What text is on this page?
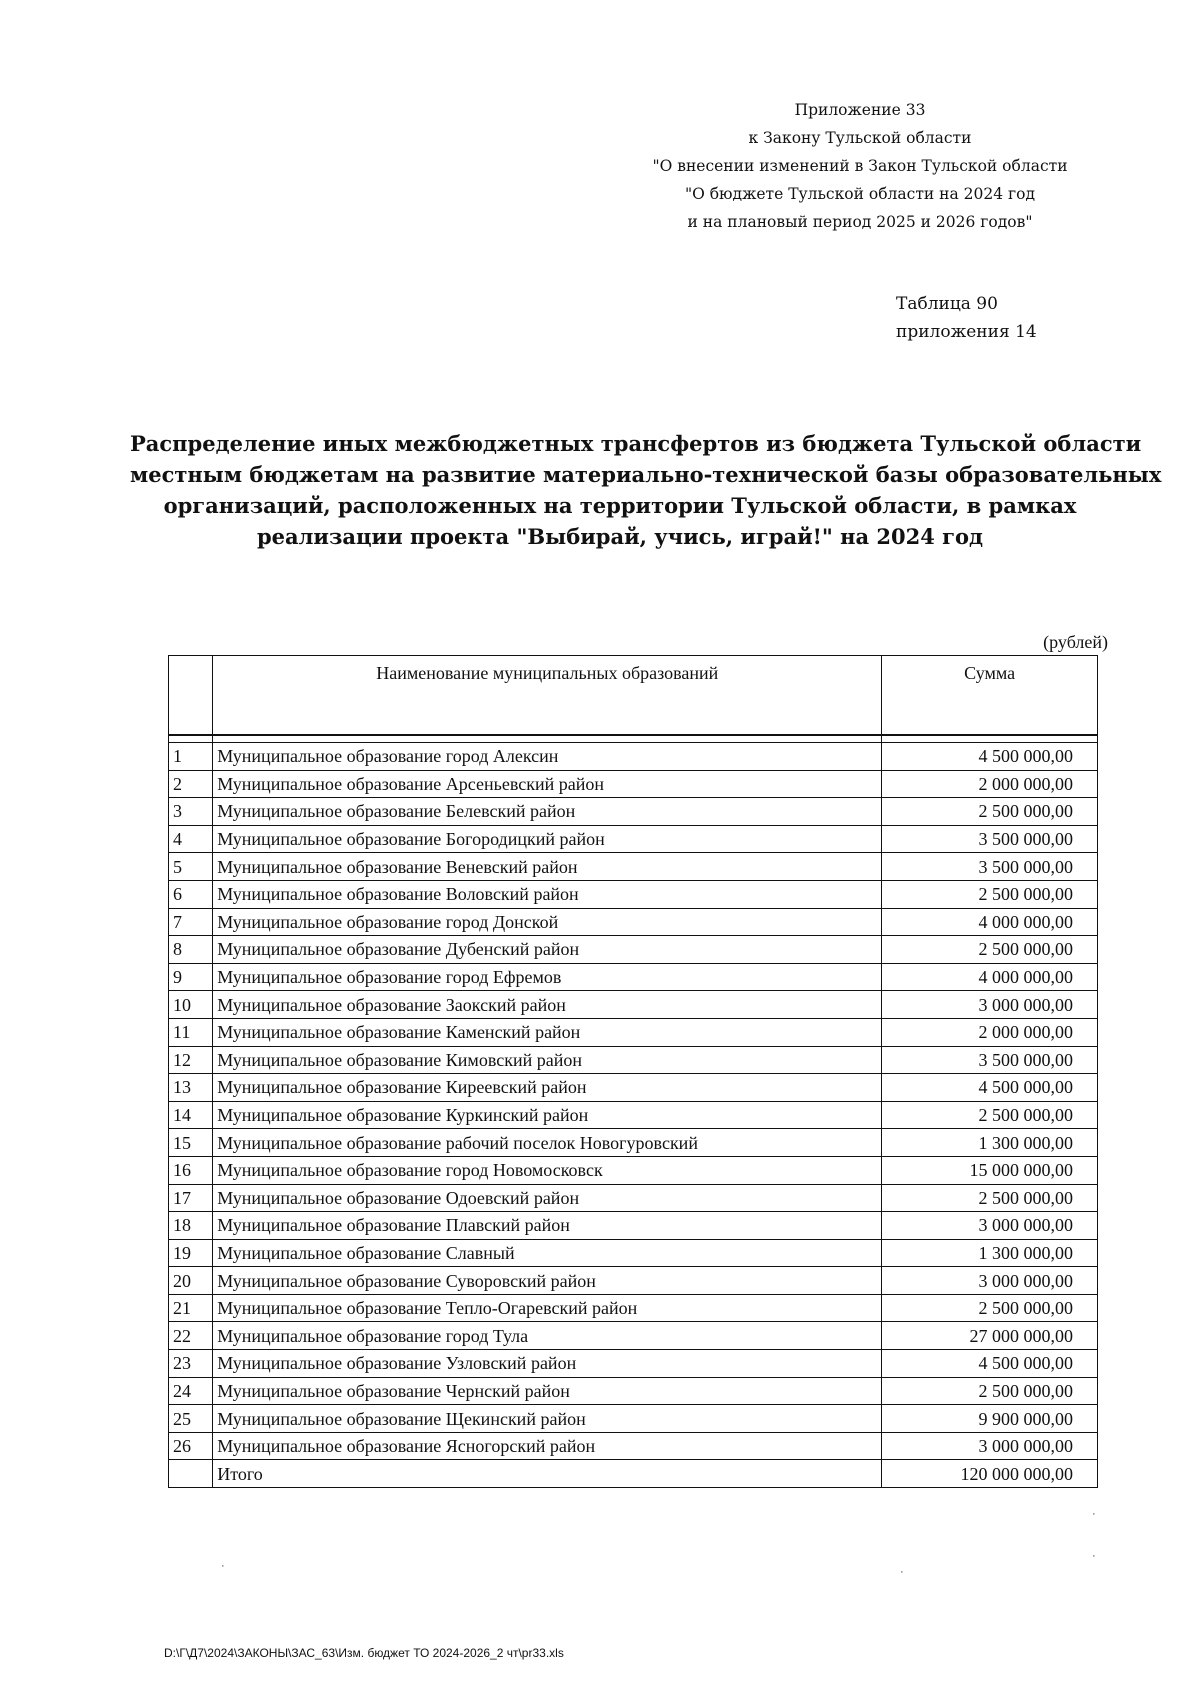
Приложение 33
к Закону Тульской области
"О внесении изменений в Закон Тульской области
"О бюджете Тульской области на 2024 год
и на плановый период 2025 и 2026 годов"
Таблица 90
приложения 14
Распределение иных межбюджетных трансфертов из бюджета Тульской области
местным бюджетам на развитие материально-технической базы образовательных
организаций, расположенных на территории Тульской области, в рамках
реализации проекта "Выбирай, учись, играй!" на 2024 год
(рублей)
	Наименование муниципальных образований	Сумма

1	Муниципальное образование город Алексин	4 500 000,00
2	Муниципальное образование Арсеньевский район	2 000 000,00
3	Муниципальное образование Белевский район	2 500 000,00
4	Муниципальное образование Богородицкий район	3 500 000,00
5	Муниципальное образование Веневский район	3 500 000,00
6	Муниципальное образование Воловский район	2 500 000,00
7	Муниципальное образование город Донской	4 000 000,00
8	Муниципальное образование Дубенский район	2 500 000,00
9	Муниципальное образование город Ефремов	4 000 000,00
10	Муниципальное образование Заокский район	3 000 000,00
11	Муниципальное образование Каменский район	2 000 000,00
12	Муниципальное образование Кимовский район	3 500 000,00
13	Муниципальное образование Киреевский район	4 500 000,00
14	Муниципальное образование Куркинский район	2 500 000,00
15	Муниципальное образование рабочий поселок Новогуровский	1 300 000,00
16	Муниципальное образование город Новомосковск	15 000 000,00
17	Муниципальное образование Одоевский район	2 500 000,00
18	Муниципальное образование Плавский район	3 000 000,00
19	Муниципальное образование Славный	1 300 000,00
20	Муниципальное образование Суворовский район	3 000 000,00
21	Муниципальное образование Тепло-Огаревский район	2 500 000,00
22	Муниципальное образование город Тула	27 000 000,00
23	Муниципальное образование Узловский район	4 500 000,00
24	Муниципальное образование Чернский район	2 500 000,00
25	Муниципальное образование Щекинский район	9 900 000,00
26	Муниципальное образование Ясногорский район	3 000 000,00
	Итого	120 000 000,00
D:\Г\Д7\2024\ЗАКОНЫ\ЗАС_63\Изм. бюджет ТО 2024-2026_2 чт\pr33.xls
·
·
·
·
